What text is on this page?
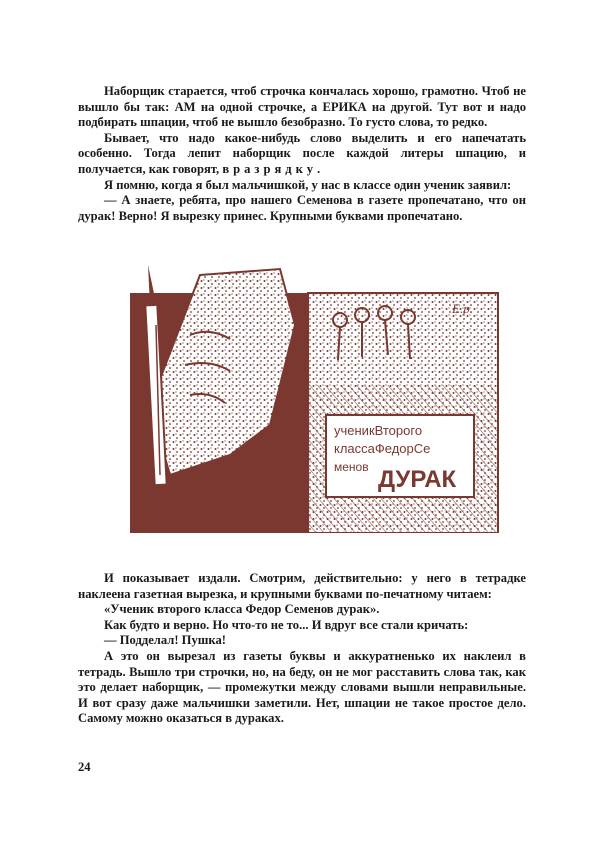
Наборщик старается, чтоб строчка кончалась хорошо, грамотно. Чтоб не вышло бы так: АМ на одной строчке, а ЕРИКА на другой. Тут вот и надо подбирать шпации, чтоб не вышло безобразно. То густо слова, то редко.

Бывает, что надо какое-нибудь слово выделить и его напечатать особенно. Тогда лепит наборщик после каждой литеры шпацию, и получается, как говорят, вразрядку.

Я помню, когда я был мальчишкой, у нас в классе один ученик заявил:

— А знаете, ребята, про нашего Семенова в газете пропечатано, что он дурак! Верно! Я вырезку принес. Крупными буквами пропечатано.

Е.р.
ученикВторого
классаФедорСе
менов ДУРАК

И показывает издали. Смотрим, действительно: у него в тетрадке наклеена газетная вырезка, и крупными буквами по-печатному читаем:

«Ученик второго класса Федор Семенов дурак».

Как будто и верно. Но что-то не то... И вдруг все стали кричать:

— Подделал! Пушка!

А это он вырезал из газеты буквы и аккуратненько их наклеил в тетрадь. Вышло три строчки, но, на беду, он не мог расставить слова так, как это делает наборщик, — промежутки между словами вышли неправильные. И вот сразу даже мальчишки заметили. Нет, шпации не такое простое дело. Самому можно оказаться в дураках.

24
